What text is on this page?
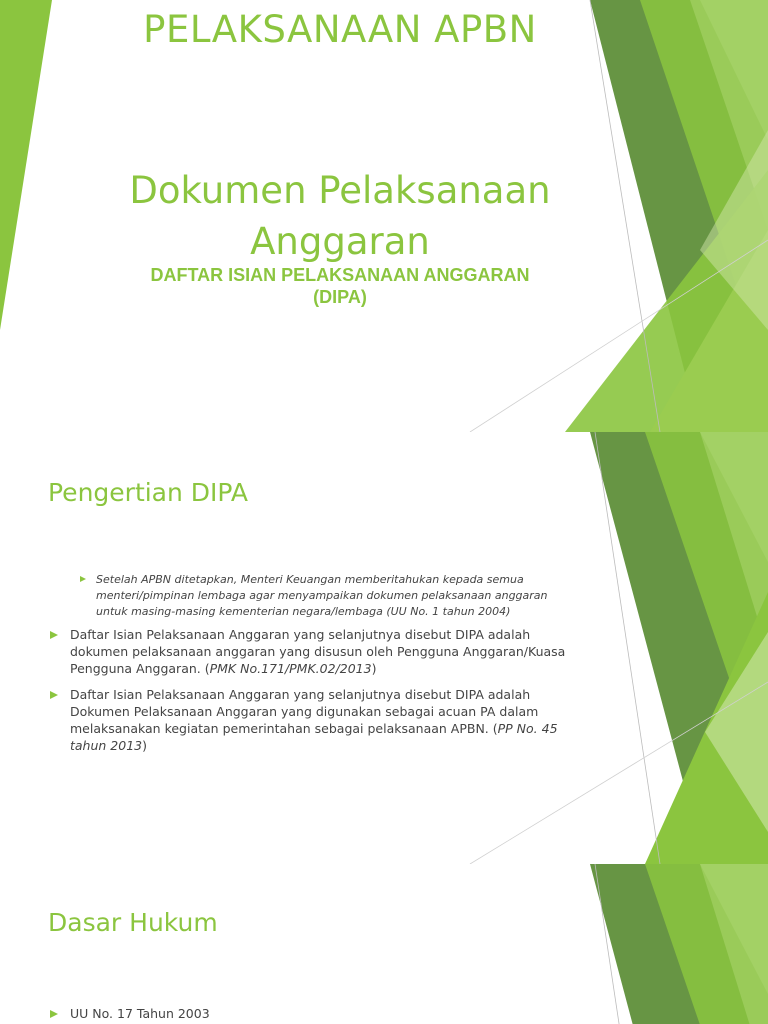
PELAKSANAAN APBN
Dokumen Pelaksanaan
Anggaran
DAFTAR ISIAN PELAKSANAAN ANGGARAN
(DIPA)
Pengertian DIPA
Setelah APBN ditetapkan, Menteri Keuangan memberitahukan kepada semua
menteri/pimpinan lembaga agar menyampaikan dokumen pelaksanaan anggaran
untuk masing-masing kementerian negara/lembaga (UU No. 1 tahun 2004)
Daftar Isian Pelaksanaan Anggaran yang selanjutnya disebut DIPA adalah
dokumen pelaksanaan anggaran yang disusun oleh Pengguna Anggaran/Kuasa
Pengguna Anggaran. (PMK No.171/PMK.02/2013)
Daftar Isian Pelaksanaan Anggaran yang selanjutnya disebut DIPA adalah
Dokumen Pelaksanaan Anggaran yang digunakan sebagai acuan PA dalam
melaksanakan kegiatan pemerintahan sebagai pelaksanaan APBN. (PP No. 45
tahun 2013)
Dasar Hukum
UU No. 17 Tahun 2003
